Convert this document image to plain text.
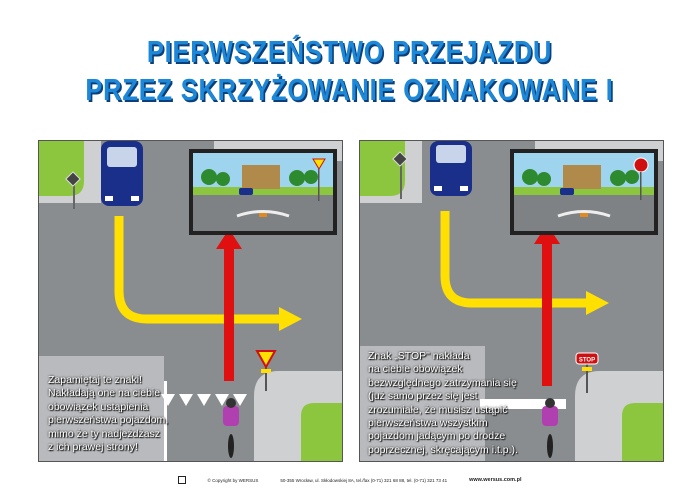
PIERWSZEŃSTWO PRZEJAZDU
PRZEZ SKRZYŻOWANIE OZNAKOWANE I
Zapamiętaj te znaki!
Nakładają one na ciebie
obowiązek ustąpienia
pierwszeństwa pojazdom,
mimo że ty nadjeżdżasz
z ich prawej strony!
STOP
Znak „STOP" nakłada
na ciebie obowiązek
bezwzględnego zatrzymania się
(już samo przez się jest
zrozumiałe, że musisz ustąpić
pierwszeństwa wszystkim
pojazdom jadącym po drodze
poprzecznej, skręcającym i.t.p.).
© Copyright by WERSUS	50-355 Wrocław, ul. Skłodowskiej 8A, tel./fax (0-71) 321 68 88, tel. (0-71) 321 73 41	www.wersus.com.pl
